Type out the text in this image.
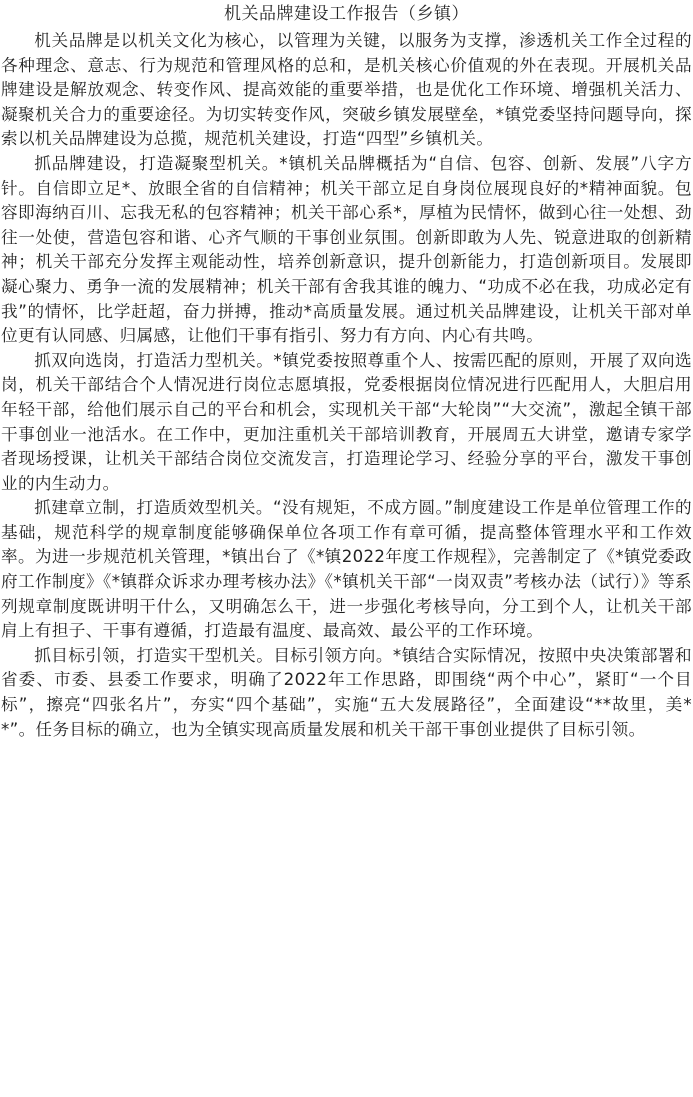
机关品牌建设工作报告（乡镇）

机关品牌是以机关文化为核心，以管理为关键，以服务为支撑，渗透机关工作全过程的各种理念、意志、行为规范和管理风格的总和，是机关核心价值观的外在表现。开展机关品牌建设是解放观念、转变作风、提高效能的重要举措，也是优化工作环境、增强机关活力、凝聚机关合力的重要途径。为切实转变作风，突破乡镇发展壁垒，*镇党委坚持问题导向，探索以机关品牌建设为总揽，规范机关建设，打造“四型”乡镇机关。

抓品牌建设，打造凝聚型机关。*镇机关品牌概括为“自信、包容、创新、发展”八字方针。自信即立足*、放眼全省的自信精神；机关干部立足自身岗位展现良好的*精神面貌。包容即海纳百川、忘我无私的包容精神；机关干部心系*，厚植为民情怀，做到心往一处想、劲往一处使，营造包容和谐、心齐气顺的干事创业氛围。创新即敢为人先、锐意进取的创新精神；机关干部充分发挥主观能动性，培养创新意识，提升创新能力，打造创新项目。发展即凝心聚力、勇争一流的发展精神；机关干部有舍我其谁的魄力、“功成不必在我，功成必定有我”的情怀，比学赶超，奋力拼搏，推动*高质量发展。通过机关品牌建设，让机关干部对单位更有认同感、归属感，让他们干事有指引、努力有方向、内心有共鸣。

抓双向选岗，打造活力型机关。*镇党委按照尊重个人、按需匹配的原则，开展了双向选岗，机关干部结合个人情况进行岗位志愿填报，党委根据岗位情况进行匹配用人，大胆启用年轻干部，给他们展示自己的平台和机会，实现机关干部“大轮岗”“大交流”，激起全镇干部干事创业一池活水。在工作中，更加注重机关干部培训教育，开展周五大讲堂，邀请专家学者现场授课，让机关干部结合岗位交流发言，打造理论学习、经验分享的平台，激发干事创业的内生动力。

抓建章立制，打造质效型机关。“没有规矩，不成方圆。”制度建设工作是单位管理工作的基础，规范科学的规章制度能够确保单位各项工作有章可循，提高整体管理水平和工作效率。为进一步规范机关管理，*镇出台了《*镇2022年度工作规程》，完善制定了《*镇党委政府工作制度》《*镇群众诉求办理考核办法》《*镇机关干部“一岗双责”考核办法（试行）》等系列规章制度既讲明干什么，又明确怎么干，进一步强化考核导向，分工到个人，让机关干部肩上有担子、干事有遵循，打造最有温度、最高效、最公平的工作环境。

抓目标引领，打造实干型机关。目标引领方向。*镇结合实际情况，按照中央决策部署和省委、市委、县委工作要求，明确了2022年工作思路，即围绕“两个中心”，紧盯“一个目标”，擦亮“四张名片”，夯实“四个基础”，实施“五大发展路径”，全面建设“**故里，美**”。任务目标的确立，也为全镇实现高质量发展和机关干部干事创业提供了目标引领。
